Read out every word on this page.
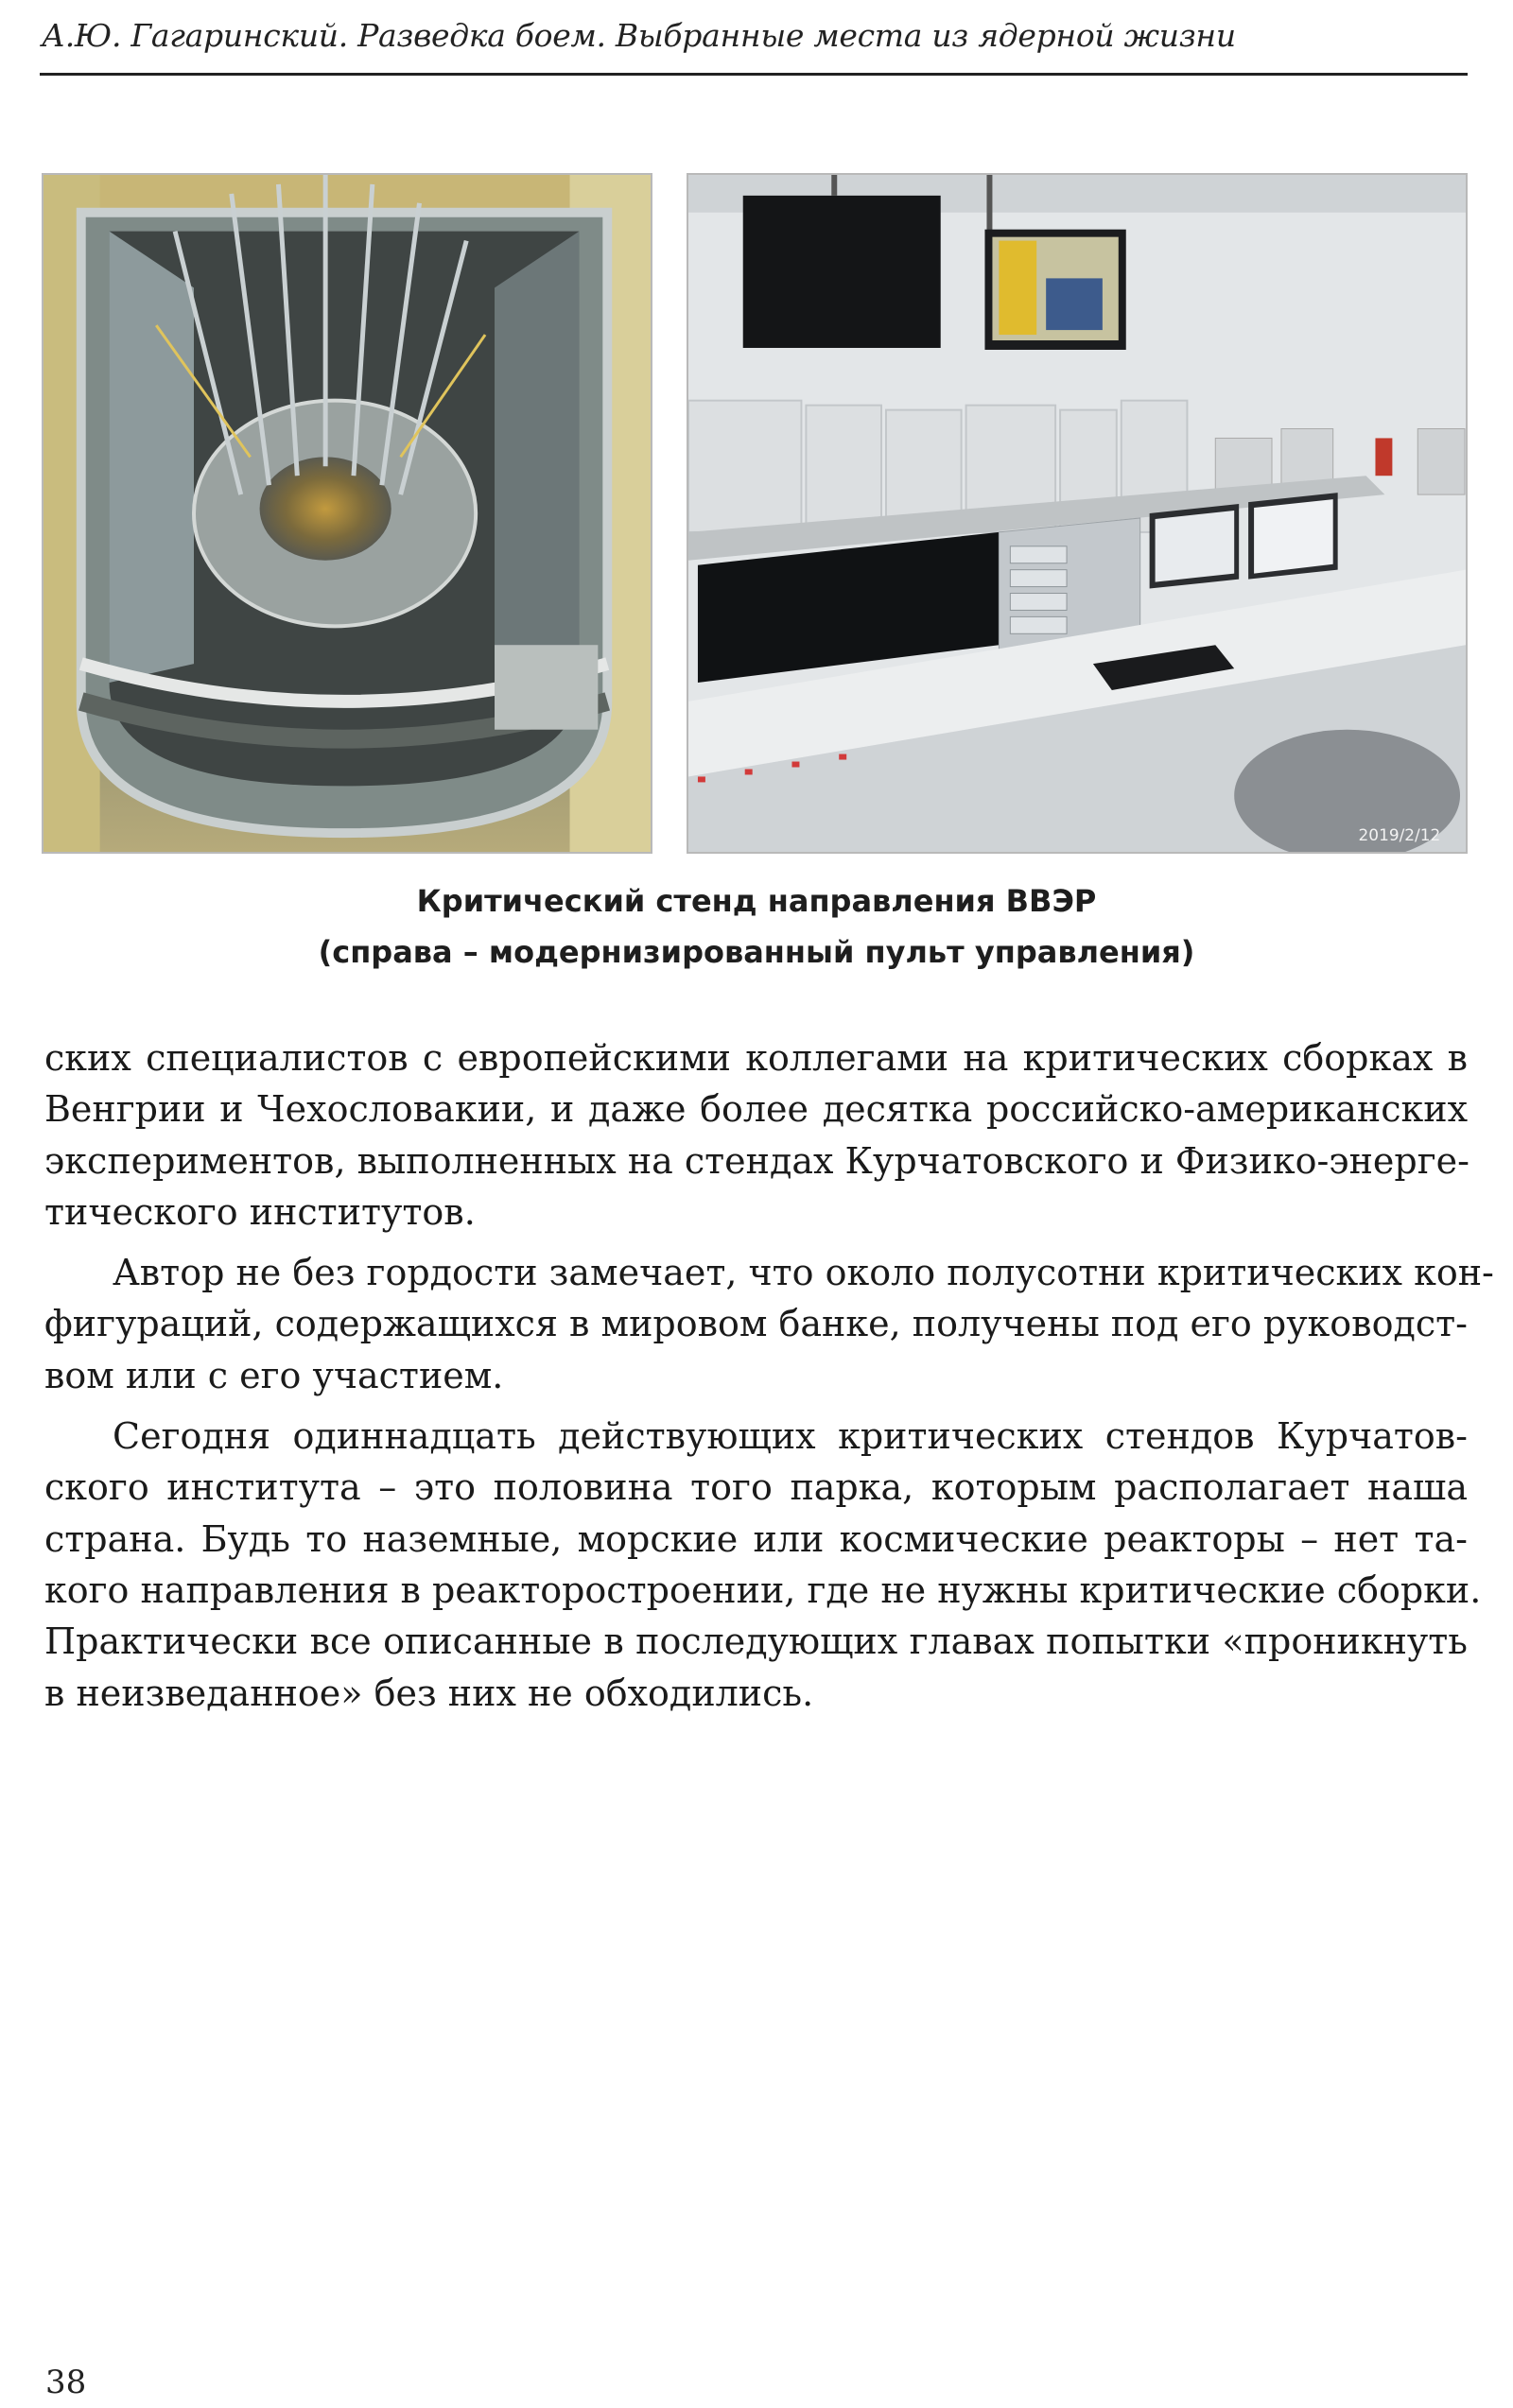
А.Ю. Гагаринский. Разведка боем. Выбранные места из ядерной жизни
2019/2/12
Критический стенд направления ВВЭР
(справа – модернизированный пульт управления)
ских специалистов с европейскими коллегами на критических сборках в
Венгрии и Чехословакии, и даже более десятка российско-американских
экспериментов, выполненных на стендах Курчатовского и Физико-энерге-
тического институтов.
Автор не без гордости замечает, что около полусотни критических кон-
фигураций, содержащихся в мировом банке, получены под его руководст-
вом или с его участием.
Сегодня одиннадцать действующих критических стендов Курчатов-
ского института – это половина того парка, которым располагает наша
страна. Будь то наземные, морские или космические реакторы – нет та-
кого направления в реакторостроении, где не нужны критические сборки.
Практически все описанные в последующих главах попытки «проникнуть
в неизведанное» без них не обходились.
38
